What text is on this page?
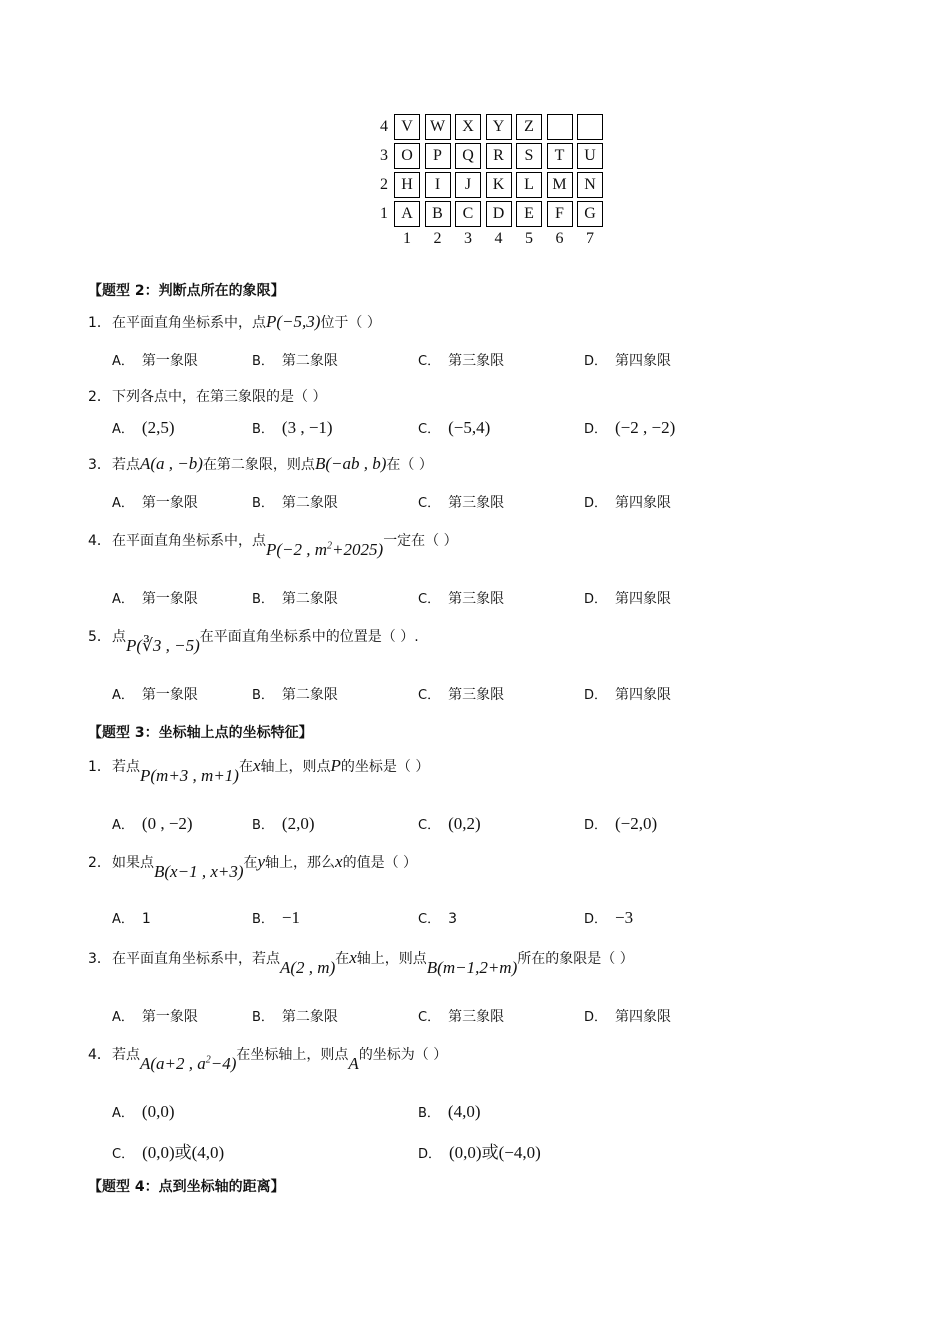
4 V	W	X	Y	Z
3 O	P	Q	R	S	T	U
2 H	I	J	K	L	M	N
1 A	B	C	D	E	F	G
1	2	3	4	5	6	7
【题型 2：判断点所在的象限】
1．在平面直角坐标系中，点P(−5,3)位于（ ）
A． 第一象限	B． 第二象限	C． 第三象限	D． 第四象限
2．下列各点中，在第三象限的是（ ）
A． (2,5)	B． (3 , −1)	C． (−5,4)	D． (−2 , −2)
3．若点A(a , −b)在第二象限，则点B(−ab , b)在（ ）
A． 第一象限	B． 第二象限	C． 第三象限	D． 第四象限
4．在平面直角坐标系中，点P(−2 , $m^2+2025$)一定在（ ）
A． 第一象限	B． 第二象限	C． 第三象限	D． 第四象限
5．点P(∛3 , −5)在平面直角坐标系中的位置是（ ）.
A． 第一象限	B． 第二象限	C． 第三象限	D． 第四象限
【题型 3：坐标轴上点的坐标特征】
1．若点P(m+3 , m+1)在x轴上，则点P的坐标是（ ）
A． (0 , −2)	B． (2,0)	C． (0,2)	D． (−2,0)
2．如果点B(x−1 , x+3)在y轴上，那么x的值是（ ）
A． 1	B． −1	C． 3	D． −3
3．在平面直角坐标系中，若点A(2 , m)在x轴上，则点B(m−1,2+m)所在的象限是（ ）
A． 第一象限	B． 第二象限	C． 第三象限	D． 第四象限
4．若点A(a+2 , $a^2-4$)在坐标轴上，则点A的坐标为（ ）
A． (0,0)	B． (4,0)
C． (0,0)或(4,0)	D． (0,0)或(−4,0)
【题型 4：点到坐标轴的距离】
